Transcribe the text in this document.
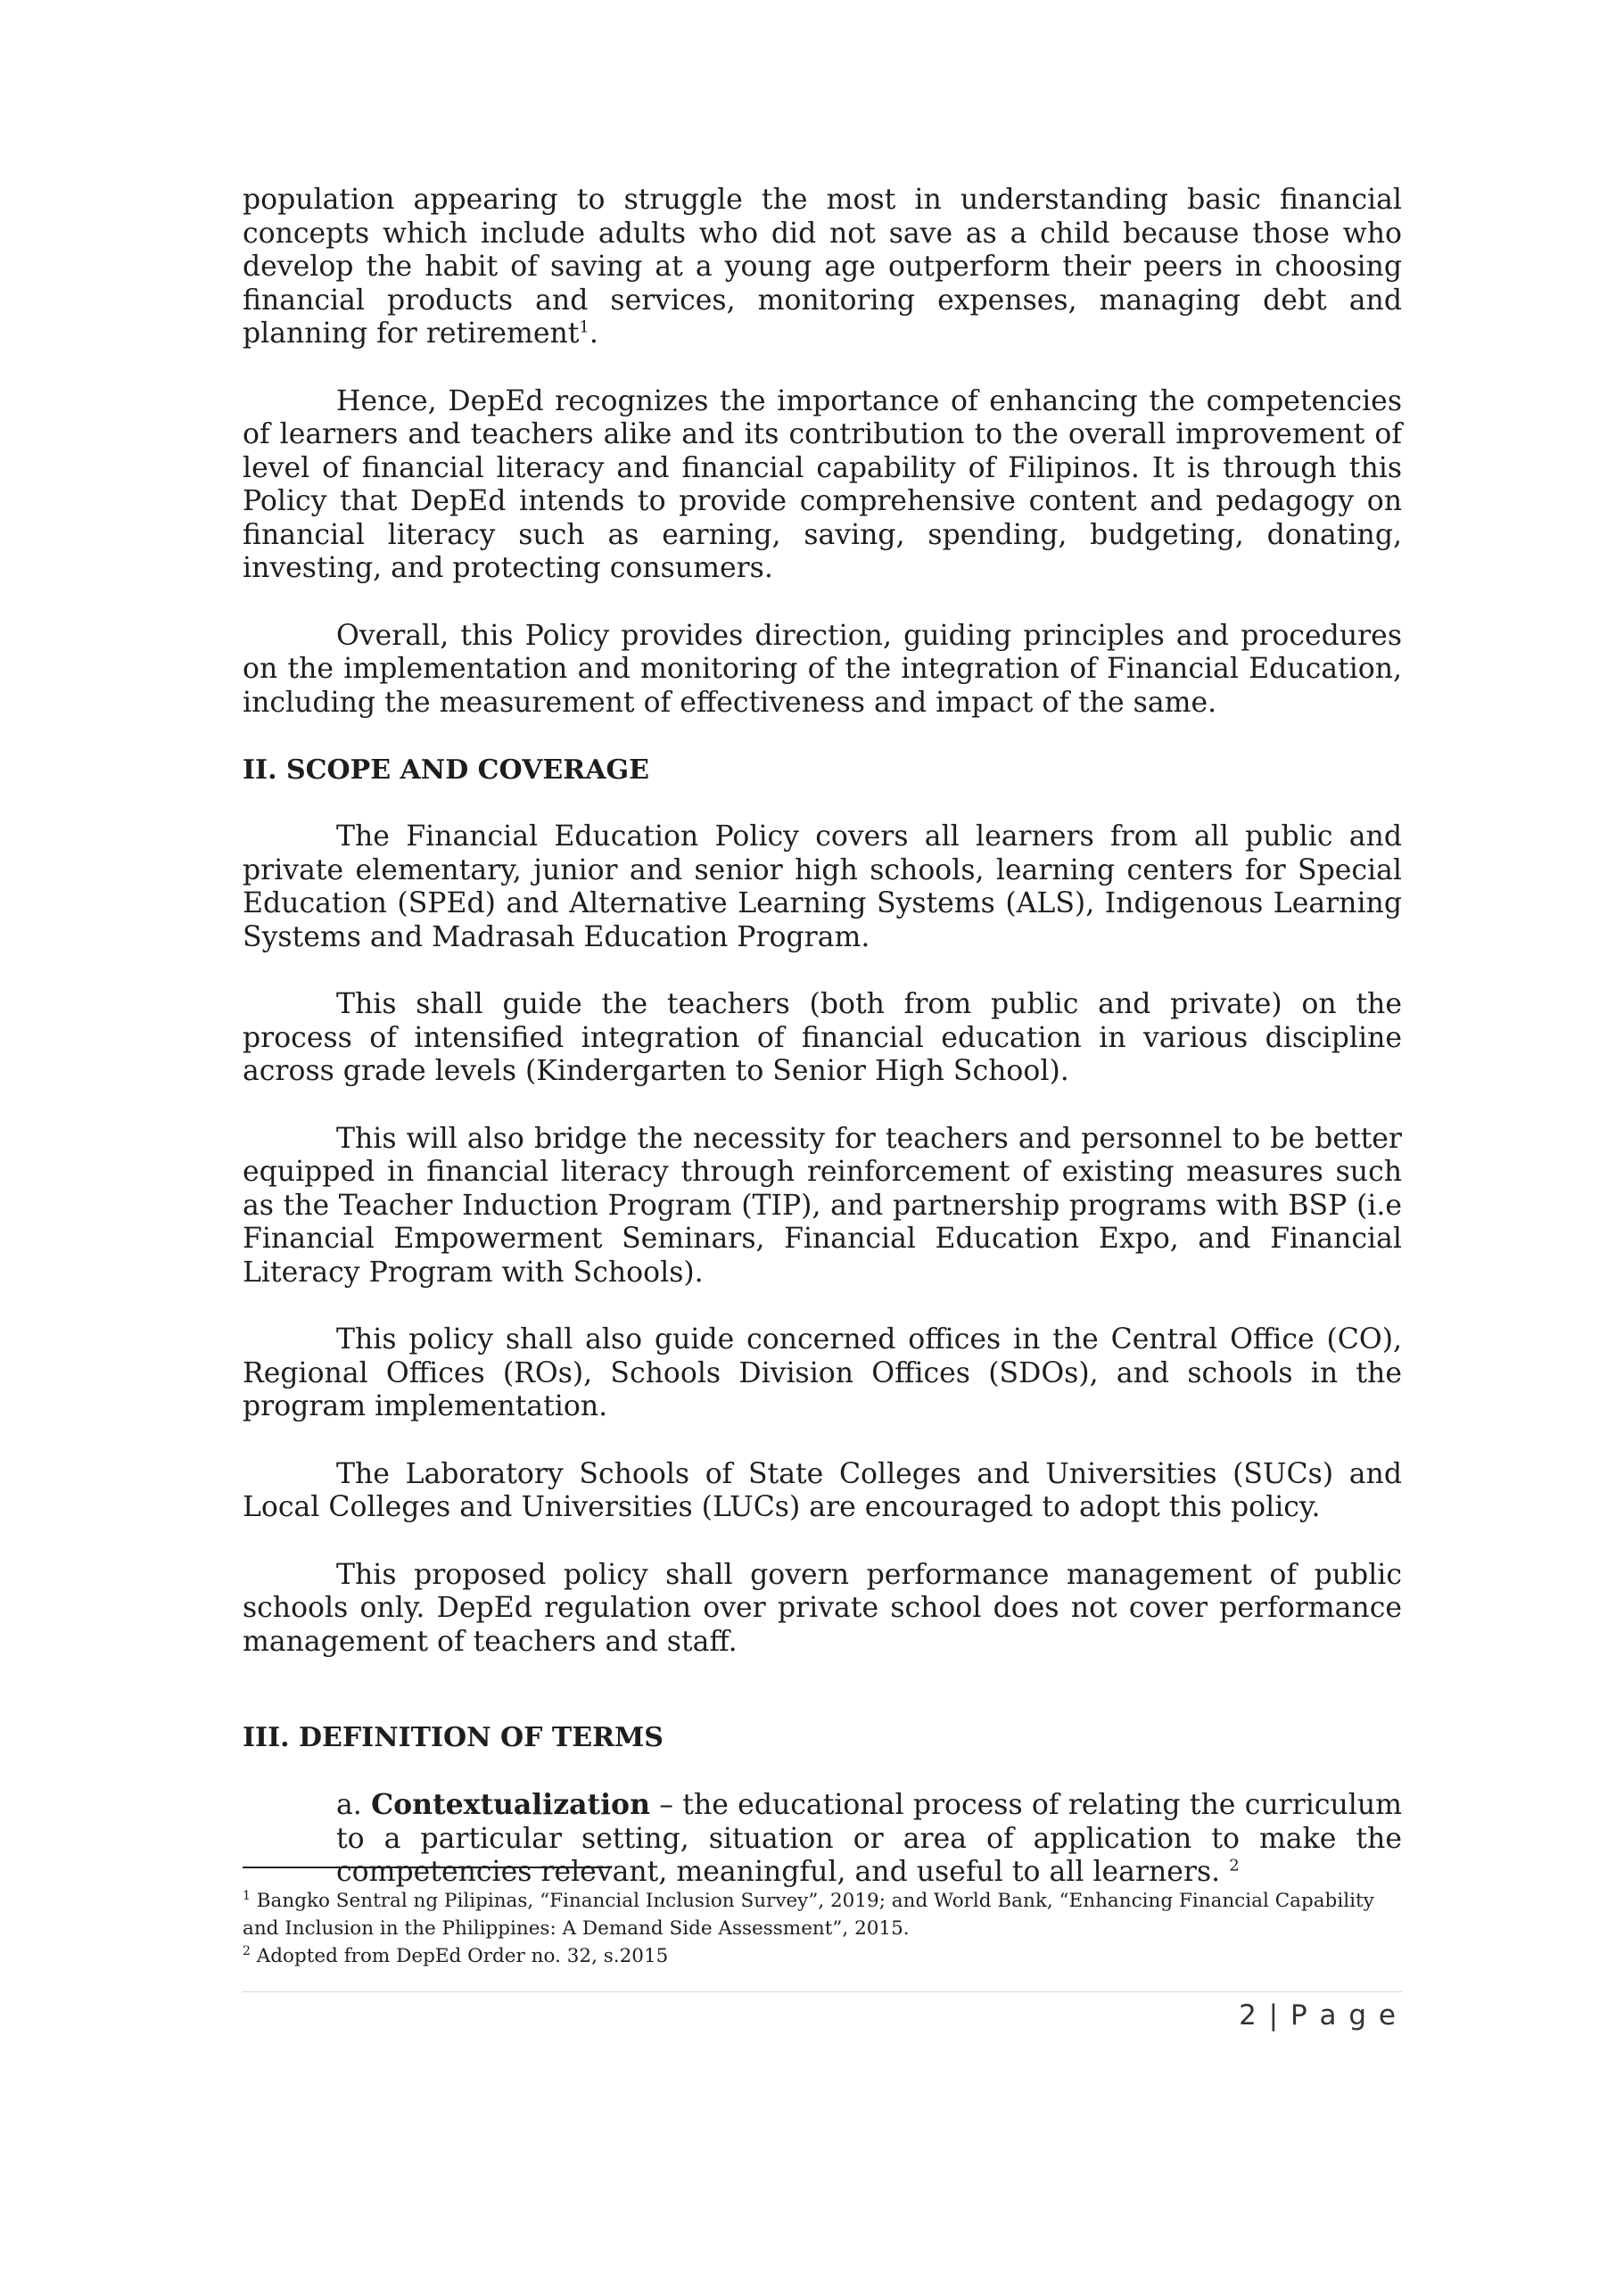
population appearing to struggle the most in understanding basic financial concepts which include adults who did not save as a child because those who develop the habit of saving at a young age outperform their peers in choosing financial products and services, monitoring expenses, managing debt and planning for retirement$^1$.

Hence, DepEd recognizes the importance of enhancing the competencies of learners and teachers alike and its contribution to the overall improvement of level of financial literacy and financial capability of Filipinos. It is through this Policy that DepEd intends to provide comprehensive content and pedagogy on financial literacy such as earning, saving, spending, budgeting, donating, investing, and protecting consumers.

Overall, this Policy provides direction, guiding principles and procedures on the implementation and monitoring of the integration of Financial Education, including the measurement of effectiveness and impact of the same.

II. SCOPE AND COVERAGE

The Financial Education Policy covers all learners from all public and private elementary, junior and senior high schools, learning centers for Special Education (SPEd) and Alternative Learning Systems (ALS), Indigenous Learning Systems and Madrasah Education Program.

This shall guide the teachers (both from public and private) on the process of intensified integration of financial education in various discipline across grade levels (Kindergarten to Senior High School).

This will also bridge the necessity for teachers and personnel to be better equipped in financial literacy through reinforcement of existing measures such as the Teacher Induction Program (TIP), and partnership programs with BSP (i.e Financial Empowerment Seminars, Financial Education Expo, and Financial Literacy Program with Schools).

This policy shall also guide concerned offices in the Central Office (CO), Regional Offices (ROs), Schools Division Offices (SDOs), and schools in the program implementation.

The Laboratory Schools of State Colleges and Universities (SUCs) and Local Colleges and Universities (LUCs) are encouraged to adopt this policy.

This proposed policy shall govern performance management of public schools only. DepEd regulation over private school does not cover performance management of teachers and staff.

III. DEFINITION OF TERMS

a. Contextualization – the educational process of relating the curriculum to a particular setting, situation or area of application to make the competencies relevant, meaningful, and useful to all learners. $^2$

$^1$ Bangko Sentral ng Pilipinas, “Financial Inclusion Survey”, 2019; and World Bank, “Enhancing Financial Capability and Inclusion in the Philippines: A Demand Side Assessment”, 2015.

$^2$ Adopted from DepEd Order no. 32, s.2015

2 | P a g e
